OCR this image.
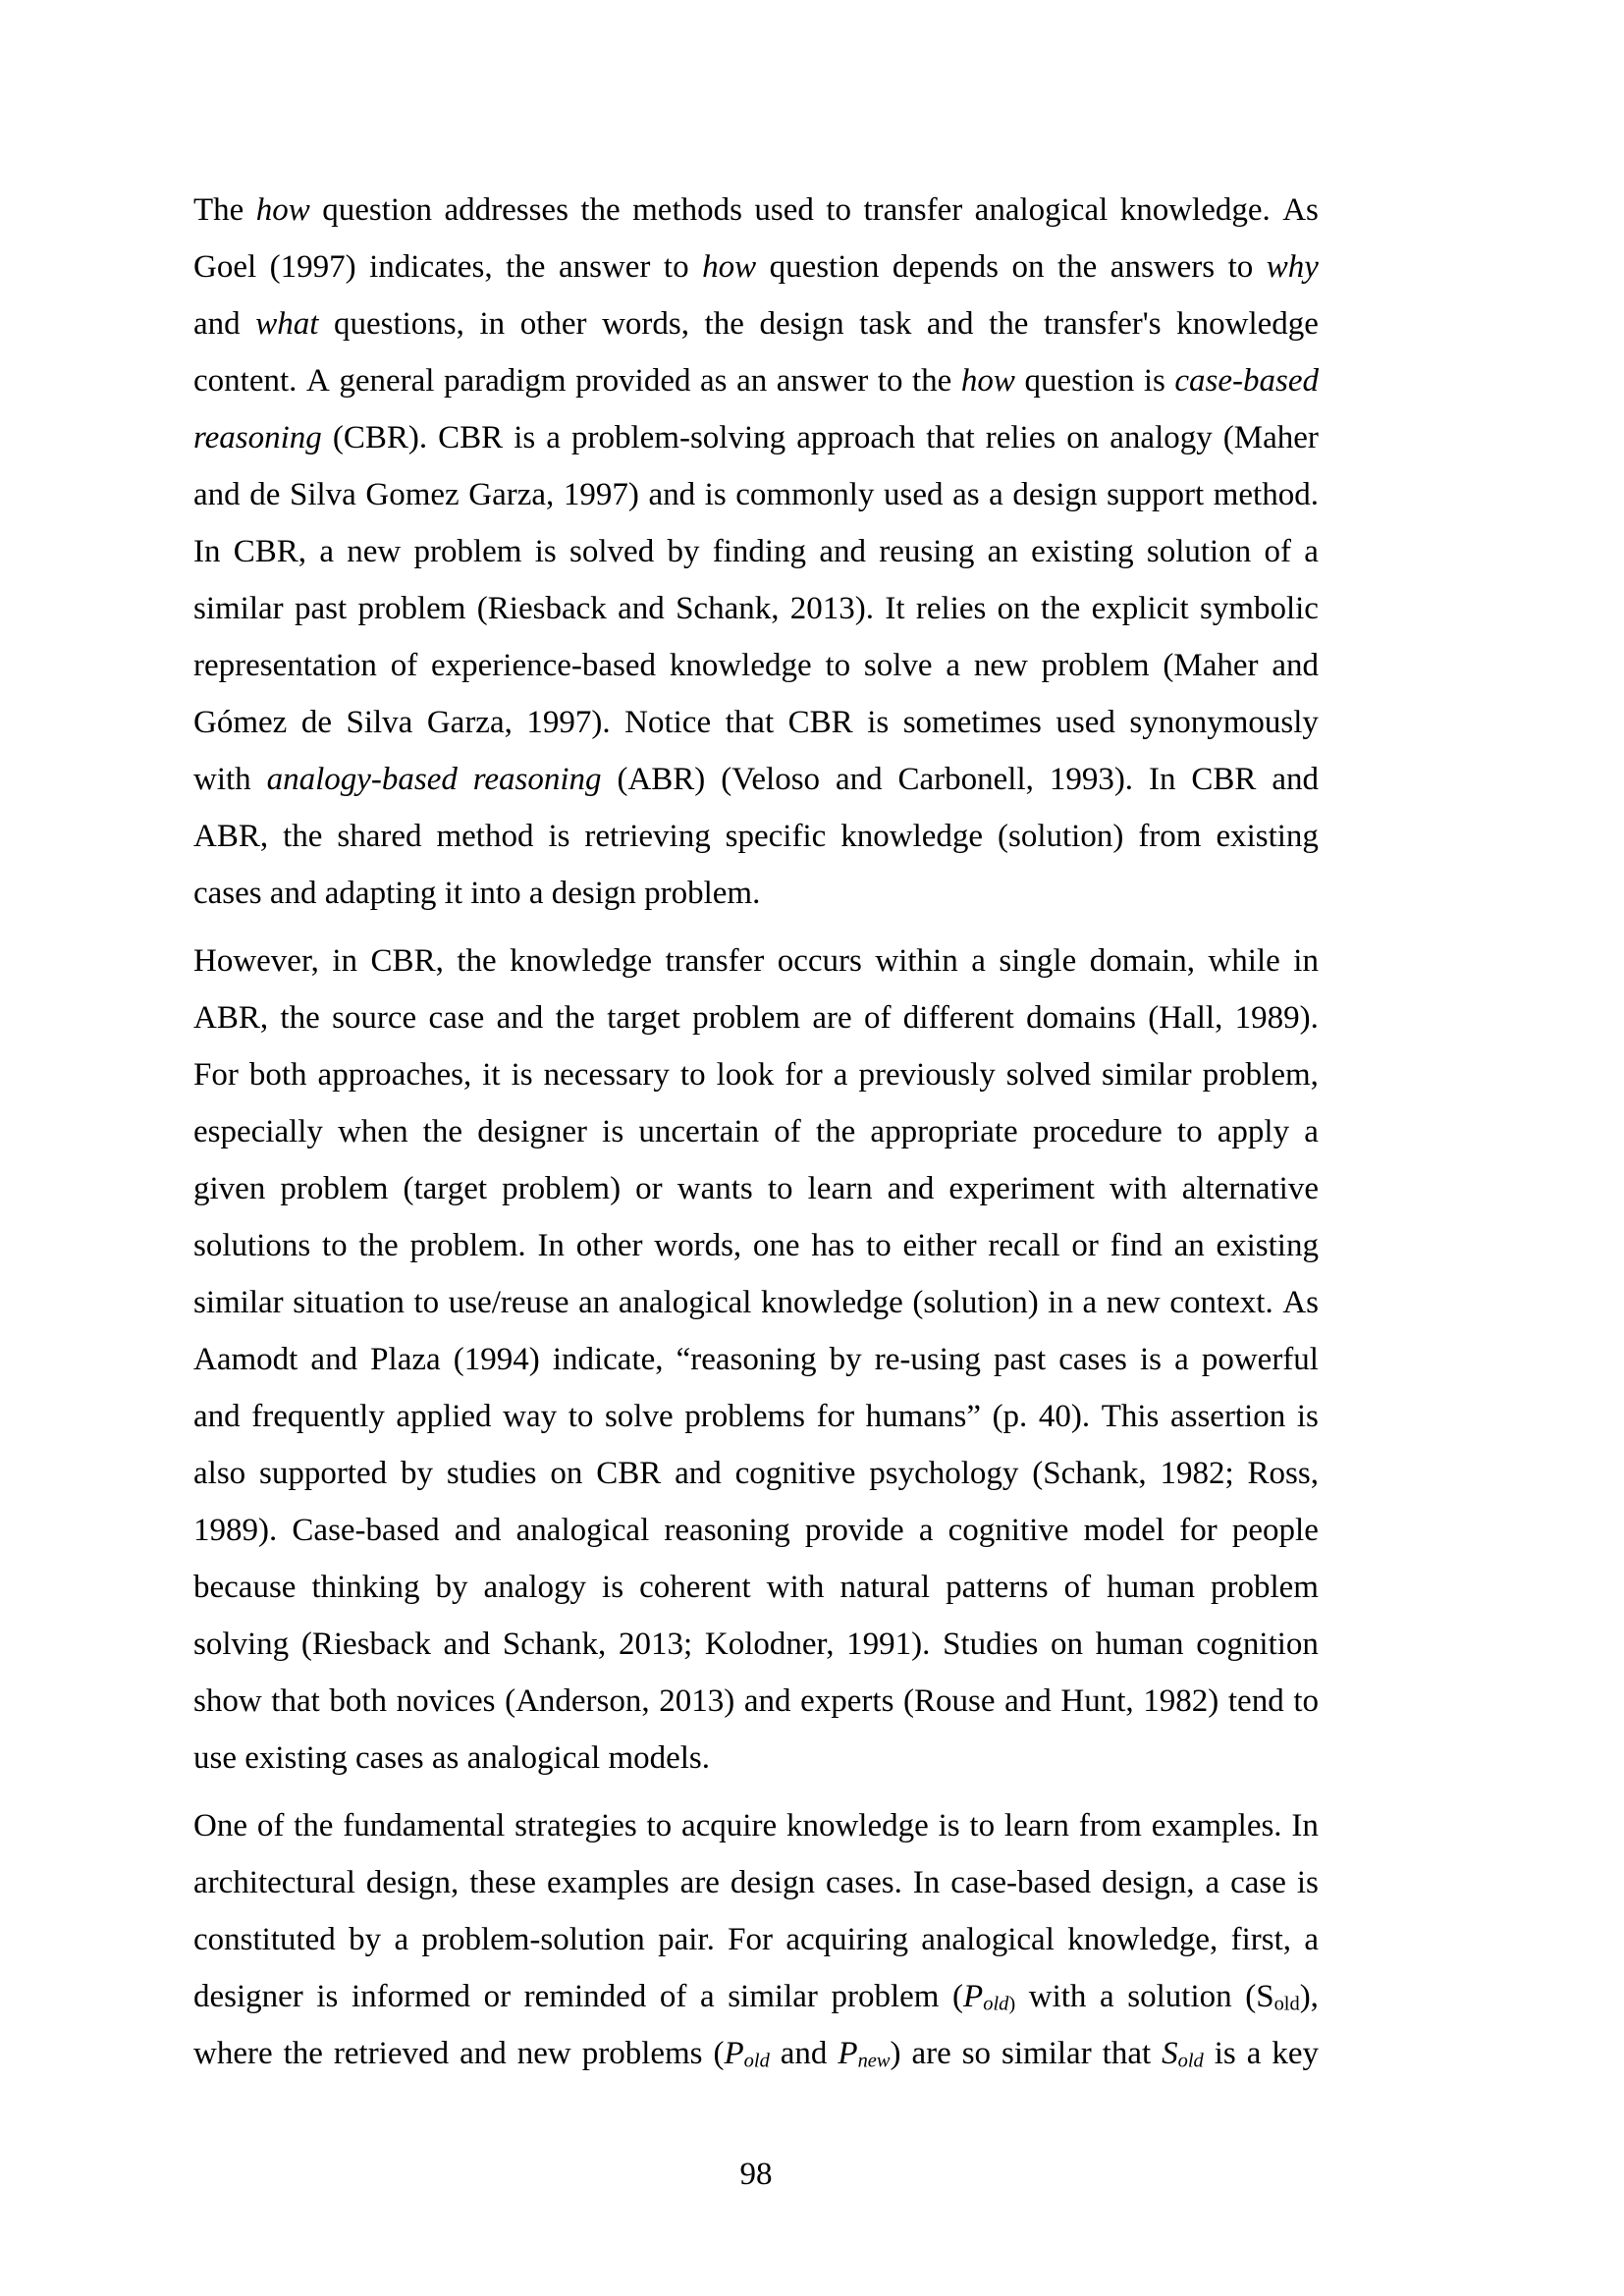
The how question addresses the methods used to transfer analogical knowledge. As
Goel (1997) indicates, the answer to how question depends on the answers to why
and what questions, in other words, the design task and the transfer's knowledge
content. A general paradigm provided as an answer to the how question is case-based
reasoning (CBR). CBR is a problem-solving approach that relies on analogy (Maher
and de Silva Gomez Garza, 1997) and is commonly used as a design support method.
In CBR, a new problem is solved by finding and reusing an existing solution of a
similar past problem (Riesback and Schank, 2013). It relies on the explicit symbolic
representation of experience-based knowledge to solve a new problem (Maher and
Gómez de Silva Garza, 1997). Notice that CBR is sometimes used synonymously
with analogy-based reasoning (ABR) (Veloso and Carbonell, 1993). In CBR and
ABR, the shared method is retrieving specific knowledge (solution) from existing
cases and adapting it into a design problem.
However, in CBR, the knowledge transfer occurs within a single domain, while in
ABR, the source case and the target problem are of different domains (Hall, 1989).
For both approaches, it is necessary to look for a previously solved similar problem,
especially when the designer is uncertain of the appropriate procedure to apply a
given problem (target problem) or wants to learn and experiment with alternative
solutions to the problem. In other words, one has to either recall or find an existing
similar situation to use/reuse an analogical knowledge (solution) in a new context. As
Aamodt and Plaza (1994) indicate, “reasoning by re-using past cases is a powerful
and frequently applied way to solve problems for humans” (p. 40). This assertion is
also supported by studies on CBR and cognitive psychology (Schank, 1982; Ross,
1989). Case-based and analogical reasoning provide a cognitive model for people
because thinking by analogy is coherent with natural patterns of human problem
solving (Riesback and Schank, 2013; Kolodner, 1991). Studies on human cognition
show that both novices (Anderson, 2013) and experts (Rouse and Hunt, 1982) tend to
use existing cases as analogical models.
One of the fundamental strategies to acquire knowledge is to learn from examples. In
architectural design, these examples are design cases. In case-based design, a case is
constituted by a problem-solution pair. For acquiring analogical knowledge, first, a
designer is informed or reminded of a similar problem (Pold) with a solution (Sold),
where the retrieved and new problems (Pold and Pnew) are so similar that Sold is a key
98
